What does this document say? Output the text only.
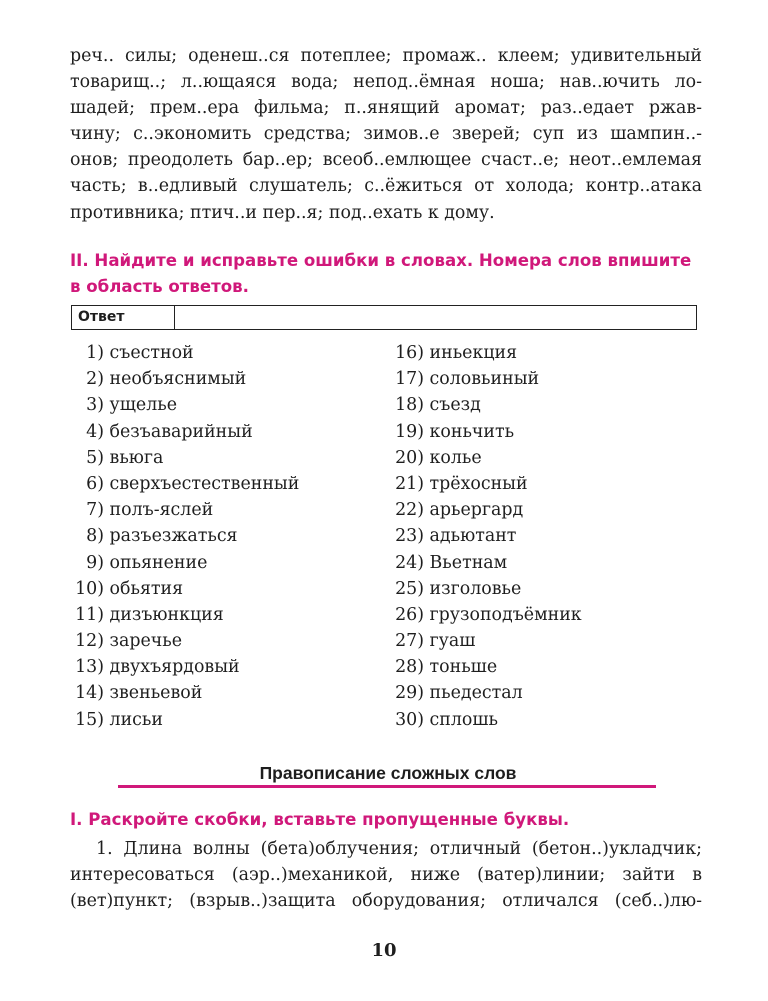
реч.. силы; оденеш..ся потеплее; промаж.. клеем; удивительный
товарищ..; л..ющаяся вода; непод..ёмная ноша; нав..ючить ло-
шадей; прем..ера фильма; п..янящий аромат; раз..едает ржав-
чину; с..экономить средства; зимов..е зверей; суп из шампин..-
онов; преодолеть бар..ер; всеоб..емлющее счаст..е; неот..емлемая
часть; в..едливый слушатель; с..ёжиться от холода; контр..атака
противника; птич..и пер..я; под..ехать к дому.

II. Найдите и исправьте ошибки в словах. Номера слов впишите
в область ответов.
Ответ
1) съестной
2) необъяснимый
3) ущелье
4) безъаварийный
5) вьюга
6) сверхъестественный
7) полъ-яслей
8) разъезжаться
9) опьянение
10) обьятия
11) дизъюнкция
12) заречье
13) двухъярдовый
14) звеньевой
15) лисьи
16) иньекция
17) соловьиный
18) съезд
19) коньчить
20) колье
21) трёхосный
22) арьергард
23) адьютант
24) Вьетнам
25) изголовье
26) грузоподъёмник
27) гуаш
28) тоньше
29) пьедестал
30) сплошь
Правописание сложных слов
I. Раскройте скобки, вставьте пропущенные буквы.

1. Длина волны (бета)облучения; отличный (бетон..)укладчик;
интересоваться (аэр..)механикой, ниже (ватер)линии; зайти в
(вет)пункт; (взрыв..)защита оборудования; отличался (себ..)лю-

10
